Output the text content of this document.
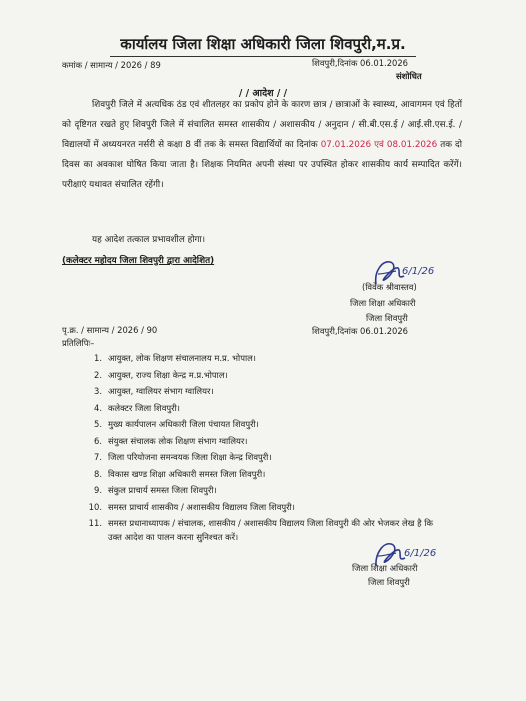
कार्यालय जिला शिक्षा अधिकारी जिला शिवपुरी,म.प्र.
कमांक / सामान्य / 2026 / 89	शिवपुरी,दिनांक 06.01.2026
संशोधित
/ / आदेश / /
शिवपुरी जिले में अत्यधिक ठंड एवं शीतलहर का प्रकोप होने के कारण छात्र / छात्राओं के स्वास्थ्य, आवागमन एवं हितों को दृष्टिगत रखते हुए शिवपुरी जिले में संचालित समस्त शासकीय / अशासकीय / अनुदान / सी.बी.एस.ई / आई.सी.एस.ई. / विद्यालयों में अध्ययनरत नर्सरी से कक्षा 8 वीं तक के समस्त विद्यार्थियों का दिनांक 07.01.2026 एवं 08.01.2026 तक दो दिवस का अवकाश घोषित किया जाता है। शिक्षक नियमित अपनी संस्था पर उपस्थित होकर शासकीय कार्य सम्पादित करेंगें। परीक्षाएं यथावत संचालित रहेंगी।
यह आदेश तत्काल प्रभावशील होगा।
(कलेक्टर महोदय जिला शिवपुरी द्वारा आदेशित)
6/1/26
(विवेक श्रीवास्तव)
जिला शिक्षा अधिकारी
जिला शिवपुरी
शिवपुरी,दिनांक 06.01.2026
पृ.क्र. / सामान्य / 2026 / 90
प्रतिलिपिः–
1. आयुक्त, लोक शिक्षण संचालनालय म.प्र. भोपाल।
2. आयुक्त, राज्य शिक्षा केन्द्र म.प्र.भोपाल।
3. आयुक्त, ग्वालियर संभाग ग्वालियर।
4. कलेक्टर जिला शिवपुरी।
5. मुख्य कार्यपालन अधिकारी जिला पंचायत शिवपुरी।
6. संयुक्त संचालक लोक शिक्षण संभाग ग्वालियर।
7. जिला परियोजना समन्वयक जिला शिक्षा केन्द्र शिवपुरी।
8. विकास खण्ड शिक्षा अधिकारी समस्त जिला शिवपुरी।
9. संकुल प्राचार्य समस्त जिला शिवपुरी।
10. समस्त प्राचार्य शासकीय / अशासकीय विद्यालय जिला शिवपुरी।
11. समस्त प्रधानाध्यापक / संचालक, शासकीय / अशासकीय विद्यालय जिला शिवपुरी की ओर भेजकर लेख है कि उक्त आदेश का पालन करना सुनिश्चत करें।
6/1/26
जिला शिक्षा अधिकारी
जिला शिवपुरी
